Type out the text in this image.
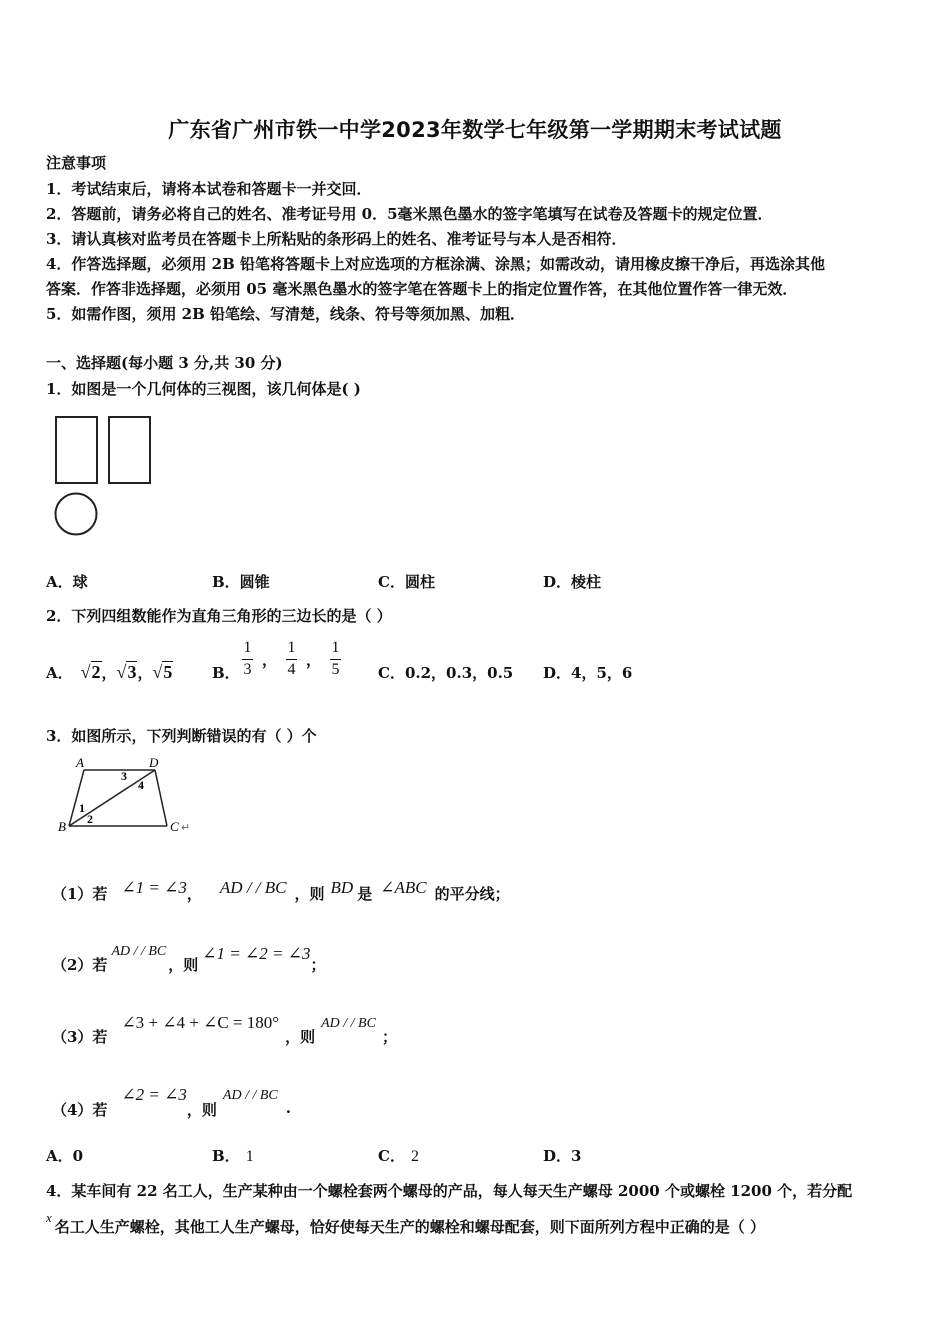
广东省广州市铁一中学2023年数学七年级第一学期期末考试试题
注意事项
1．考试结束后，请将本试卷和答题卡一并交回．
2．答题前，请务必将自己的姓名、准考证号用 0．5毫米黑色墨水的签字笔填写在试卷及答题卡的规定位置．
3．请认真核对监考员在答题卡上所粘贴的条形码上的姓名、准考证号与本人是否相符．
4．作答选择题，必须用 2B 铅笔将答题卡上对应选项的方框涂满、涂黑；如需改动，请用橡皮擦干净后，再选涂其他
答案．作答非选择题，必须用 05 毫米黑色墨水的签字笔在答题卡上的指定位置作答，在其他位置作答一律无效．
5．如需作图，须用 2B 铅笔绘、写清楚，线条、符号等须加黑、加粗．
一、选择题(每小题 3 分,共 30 分)
1．如图是一个几何体的三视图，该几何体是( )
A．球	B．圆锥	C．圆柱	D．棱柱
2．下列四组数能作为直角三角形的三边长的是（ ）
A． √2 ， √3 ， √5	B． $\frac{1}{3}$ ， $\frac{1}{4}$ ， $\frac{1}{5}$ C．0.2，0.3，0.5 D．4，5，6
3．如图所示，下列判断错误的有（ ）个
A	D
B	C ↵
1
2
3
4
（1）若 ∠1 = ∠3 ， AD / / BC ，则 BD 是 ∠ABC 的平分线；
（2）若
AD / / BC
，则
∠1 = ∠2 = ∠3
；
（3）若
∠3 + ∠4 + ∠C = 180°
，则
AD / / BC
；
（4）若
∠2 = ∠3
，则
AD / / BC
.
A．0	B． 1	C． 2	D．3
4．某车间有 22 名工人，生产某种由一个螺栓套两个螺母的产品，每人每天生产螺母 2000 个或螺栓 1200 个，若分配
x
名工人生产螺栓，其他工人生产螺母，恰好使每天生产的螺栓和螺母配套，则下面所列方程中正确的是（ ）
